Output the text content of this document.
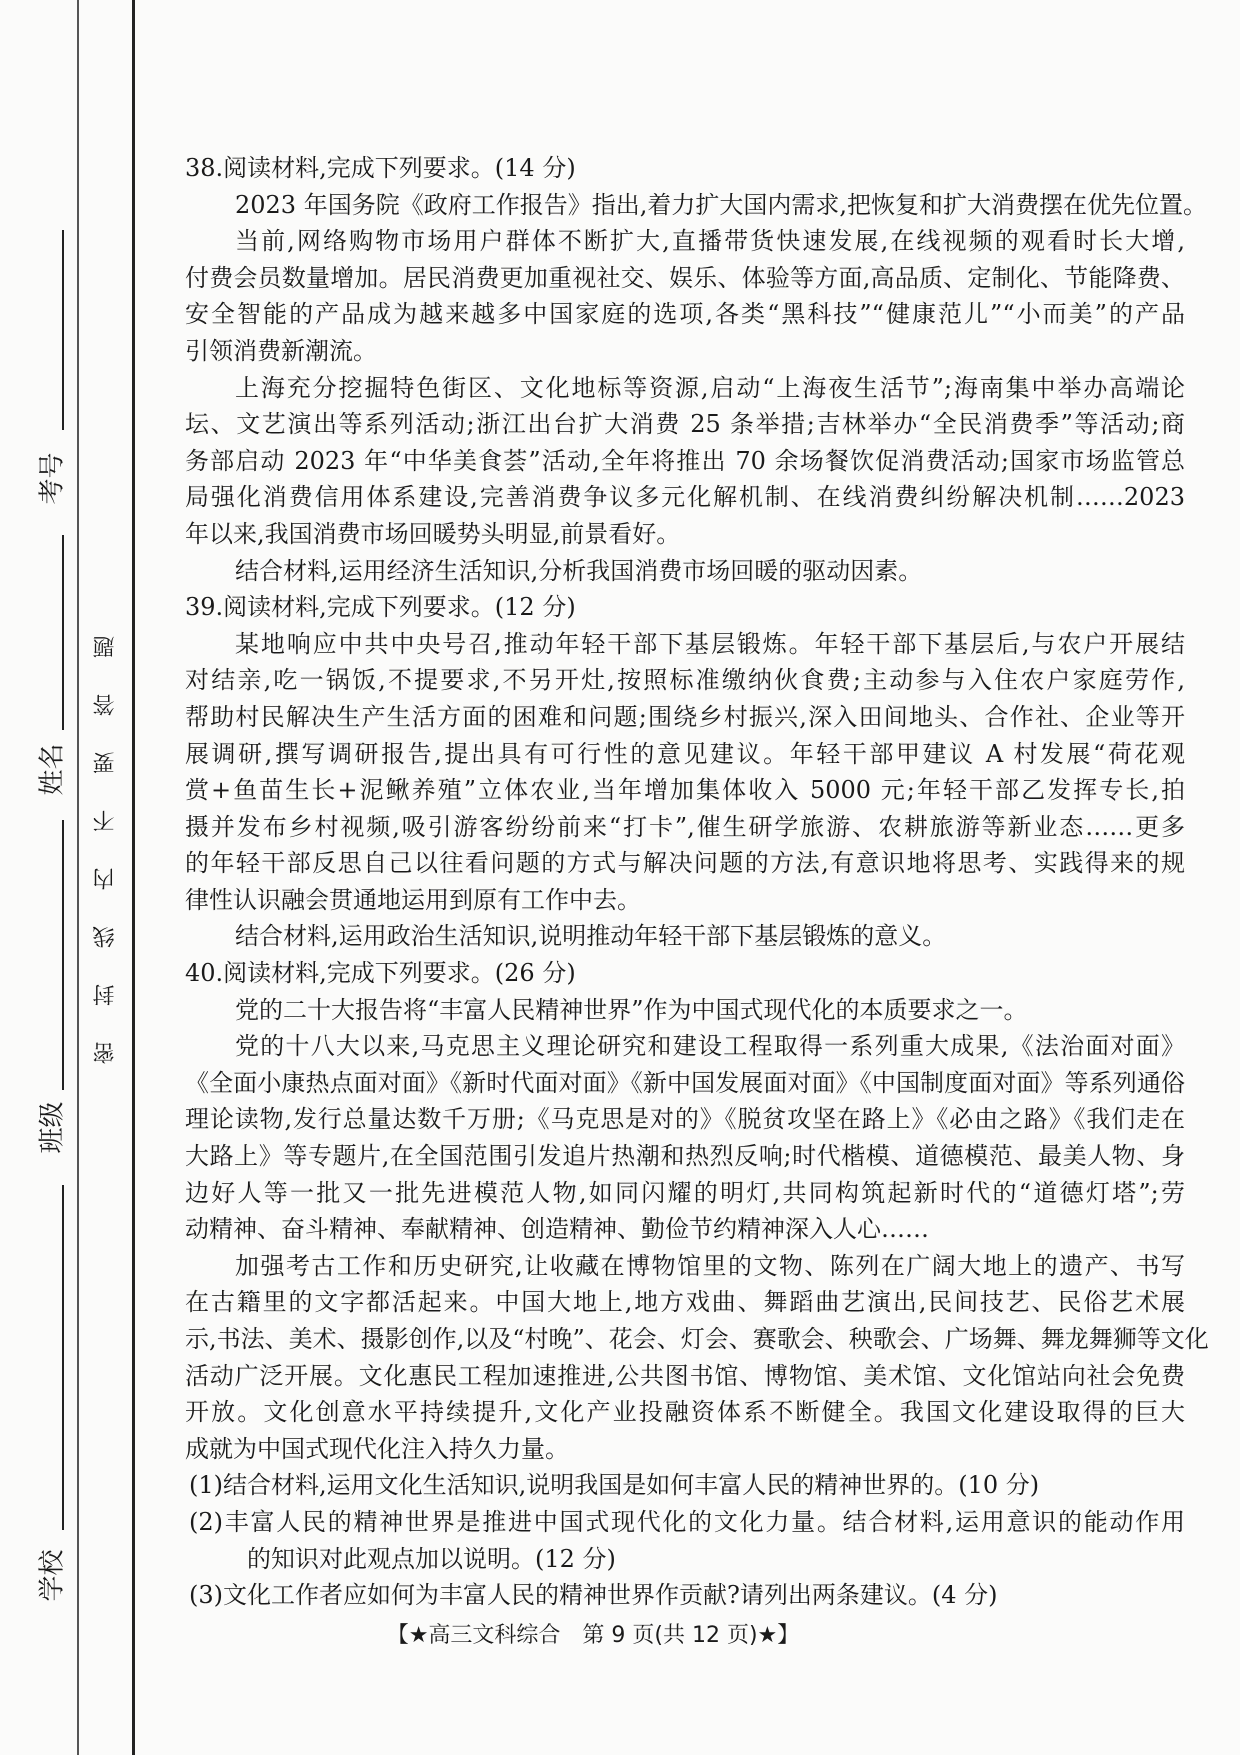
考号
姓名
班级
学校
密封线内不要答题
38.阅读材料,完成下列要求。(14 分)
2023 年国务院《政府工作报告》指出,着力扩大国内需求,把恢复和扩大消费摆在优先位置。
当前,网络购物市场用户群体不断扩大,直播带货快速发展,在线视频的观看时长大增,
付费会员数量增加。居民消费更加重视社交、娱乐、体验等方面,高品质、定制化、节能降费、
安全智能的产品成为越来越多中国家庭的选项,各类“黑科技”“健康范儿”“小而美”的产品
引领消费新潮流。
上海充分挖掘特色街区、文化地标等资源,启动“上海夜生活节”;海南集中举办高端论
坛、文艺演出等系列活动;浙江出台扩大消费 25 条举措;吉林举办“全民消费季”等活动;商
务部启动 2023 年“中华美食荟”活动,全年将推出 70 余场餐饮促消费活动;国家市场监管总
局强化消费信用体系建设,完善消费争议多元化解机制、在线消费纠纷解决机制……2023
年以来,我国消费市场回暖势头明显,前景看好。
结合材料,运用经济生活知识,分析我国消费市场回暖的驱动因素。
39.阅读材料,完成下列要求。(12 分)
某地响应中共中央号召,推动年轻干部下基层锻炼。年轻干部下基层后,与农户开展结
对结亲,吃一锅饭,不提要求,不另开灶,按照标准缴纳伙食费;主动参与入住农户家庭劳作,
帮助村民解决生产生活方面的困难和问题;围绕乡村振兴,深入田间地头、合作社、企业等开
展调研,撰写调研报告,提出具有可行性的意见建议。年轻干部甲建议 A 村发展“荷花观
赏+鱼苗生长+泥鳅养殖”立体农业,当年增加集体收入 5000 元;年轻干部乙发挥专长,拍
摄并发布乡村视频,吸引游客纷纷前来“打卡”,催生研学旅游、农耕旅游等新业态……更多
的年轻干部反思自己以往看问题的方式与解决问题的方法,有意识地将思考、实践得来的规
律性认识融会贯通地运用到原有工作中去。
结合材料,运用政治生活知识,说明推动年轻干部下基层锻炼的意义。
40.阅读材料,完成下列要求。(26 分)
党的二十大报告将“丰富人民精神世界”作为中国式现代化的本质要求之一。
党的十八大以来,马克思主义理论研究和建设工程取得一系列重大成果,《法治面对面》
《全面小康热点面对面》《新时代面对面》《新中国发展面对面》《中国制度面对面》等系列通俗
理论读物,发行总量达数千万册;《马克思是对的》《脱贫攻坚在路上》《必由之路》《我们走在
大路上》等专题片,在全国范围引发追片热潮和热烈反响;时代楷模、道德模范、最美人物、身
边好人等一批又一批先进模范人物,如同闪耀的明灯,共同构筑起新时代的“道德灯塔”;劳
动精神、奋斗精神、奉献精神、创造精神、勤俭节约精神深入人心……
加强考古工作和历史研究,让收藏在博物馆里的文物、陈列在广阔大地上的遗产、书写
在古籍里的文字都活起来。中国大地上,地方戏曲、舞蹈曲艺演出,民间技艺、民俗艺术展
示,书法、美术、摄影创作,以及“村晚”、花会、灯会、赛歌会、秧歌会、广场舞、舞龙舞狮等文化
活动广泛开展。文化惠民工程加速推进,公共图书馆、博物馆、美术馆、文化馆站向社会免费
开放。文化创意水平持续提升,文化产业投融资体系不断健全。我国文化建设取得的巨大
成就为中国式现代化注入持久力量。
(1)结合材料,运用文化生活知识,说明我国是如何丰富人民的精神世界的。(10 分)
(2)丰富人民的精神世界是推进中国式现代化的文化力量。结合材料,运用意识的能动作用
的知识对此观点加以说明。(12 分)
(3)文化工作者应如何为丰富人民的精神世界作贡献?请列出两条建议。(4 分)
【★高三文科综合　第 9 页(共 12 页)★】
